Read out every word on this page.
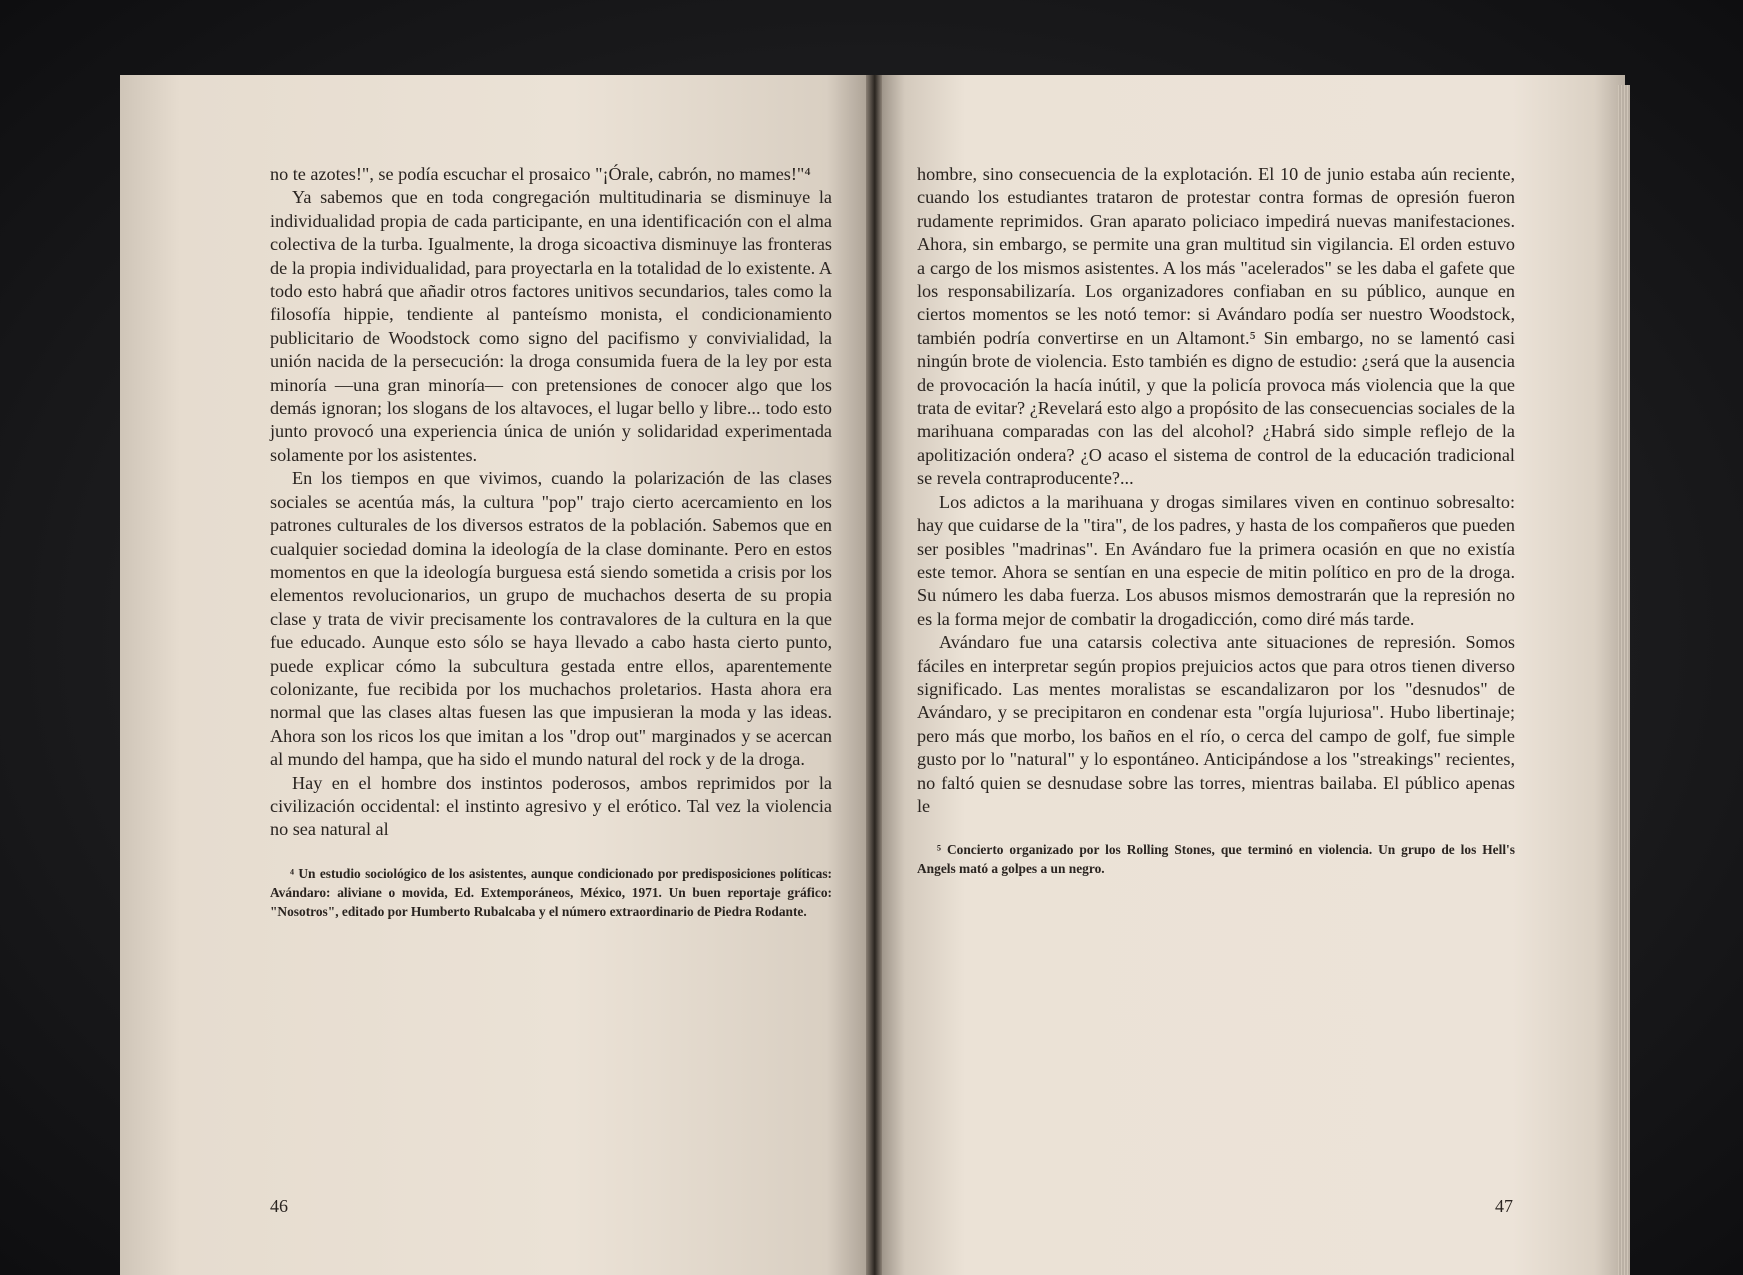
no te azotes!", se podía escuchar el prosaico "¡Órale, cabrón, no mames!"⁴

Ya sabemos que en toda congregación multitudinaria se disminuye la individualidad propia de cada participante, en una identificación con el alma colectiva de la turba. Igualmente, la droga sicoactiva disminuye las fronteras de la propia individualidad, para proyectarla en la totalidad de lo existente. A todo esto habrá que añadir otros factores unitivos secundarios, tales como la filosofía hippie, tendiente al panteísmo monista, el condicionamiento publicitario de Woodstock como signo del pacifismo y convivialidad, la unión nacida de la persecución: la droga consumida fuera de la ley por esta minoría —una gran minoría— con pretensiones de conocer algo que los demás ignoran; los slogans de los altavoces, el lugar bello y libre... todo esto junto provocó una experiencia única de unión y solidaridad experimentada solamente por los asistentes.

En los tiempos en que vivimos, cuando la polarización de las clases sociales se acentúa más, la cultura "pop" trajo cierto acercamiento en los patrones culturales de los diversos estratos de la población. Sabemos que en cualquier sociedad domina la ideología de la clase dominante. Pero en estos momentos en que la ideología burguesa está siendo sometida a crisis por los elementos revolucionarios, un grupo de muchachos deserta de su propia clase y trata de vivir precisamente los contravalores de la cultura en la que fue educado. Aunque esto sólo se haya llevado a cabo hasta cierto punto, puede explicar cómo la subcultura gestada entre ellos, aparentemente colonizante, fue recibida por los muchachos proletarios. Hasta ahora era normal que las clases altas fuesen las que impusieran la moda y las ideas. Ahora son los ricos los que imitan a los "drop out" marginados y se acercan al mundo del hampa, que ha sido el mundo natural del rock y de la droga.

Hay en el hombre dos instintos poderosos, ambos reprimidos por la civilización occidental: el instinto agresivo y el erótico. Tal vez la violencia no sea natural al

⁴ Un estudio sociológico de los asistentes, aunque condicionado por predisposiciones políticas: Avándaro: aliviane o movida, Ed. Extemporáneos, México, 1971. Un buen reportaje gráfico: "Nosotros", editado por Humberto Rubalcaba y el número extraordinario de Piedra Rodante.

46

hombre, sino consecuencia de la explotación. El 10 de junio estaba aún reciente, cuando los estudiantes trataron de protestar contra formas de opresión fueron rudamente reprimidos. Gran aparato policiaco impedirá nuevas manifestaciones. Ahora, sin embargo, se permite una gran multitud sin vigilancia. El orden estuvo a cargo de los mismos asistentes. A los más "acelerados" se les daba el gafete que los responsabilizaría. Los organizadores confiaban en su público, aunque en ciertos momentos se les notó temor: si Avándaro podía ser nuestro Woodstock, también podría convertirse en un Altamont.⁵ Sin embargo, no se lamentó casi ningún brote de violencia. Esto también es digno de estudio: ¿será que la ausencia de provocación la hacía inútil, y que la policía provoca más violencia que la que trata de evitar? ¿Revelará esto algo a propósito de las consecuencias sociales de la marihuana comparadas con las del alcohol? ¿Habrá sido simple reflejo de la apolitización ondera? ¿O acaso el sistema de control de la educación tradicional se revela contraproducente?...

Los adictos a la marihuana y drogas similares viven en continuo sobresalto: hay que cuidarse de la "tira", de los padres, y hasta de los compañeros que pueden ser posibles "madrinas". En Avándaro fue la primera ocasión en que no existía este temor. Ahora se sentían en una especie de mitin político en pro de la droga. Su número les daba fuerza. Los abusos mismos demostrarán que la represión no es la forma mejor de combatir la drogadicción, como diré más tarde.

Avándaro fue una catarsis colectiva ante situaciones de represión. Somos fáciles en interpretar según propios prejuicios actos que para otros tienen diverso significado. Las mentes moralistas se escandalizaron por los "desnudos" de Avándaro, y se precipitaron en condenar esta "orgía lujuriosa". Hubo libertinaje; pero más que morbo, los baños en el río, o cerca del campo de golf, fue simple gusto por lo "natural" y lo espontáneo. Anticipándose a los "streakings" recientes, no faltó quien se desnudase sobre las torres, mientras bailaba. El público apenas le

⁵ Concierto organizado por los Rolling Stones, que terminó en violencia. Un grupo de los Hell's Angels mató a golpes a un negro.

47
